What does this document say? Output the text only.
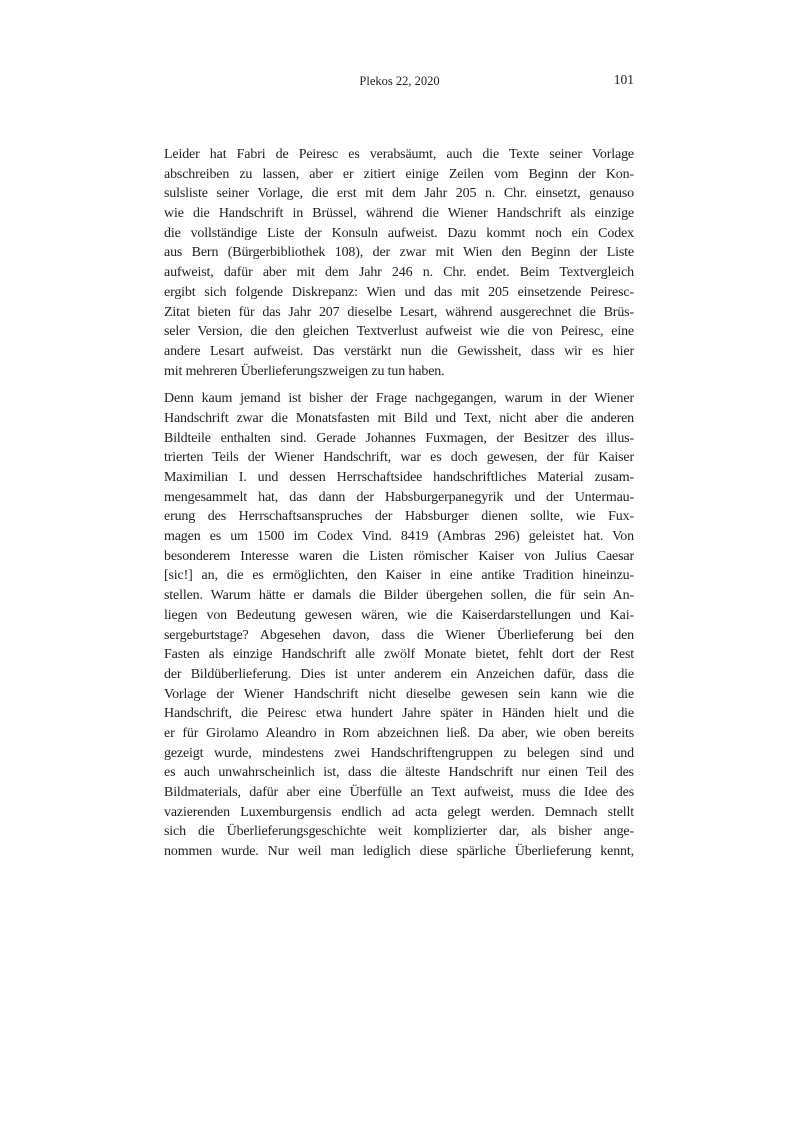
Plekos 22, 2020	101
Leider hat Fabri de Peiresc es verabsäumt, auch die Texte seiner Vorlage
abschreiben zu lassen, aber er zitiert einige Zeilen vom Beginn der Kon-
sulsliste seiner Vorlage, die erst mit dem Jahr 205 n. Chr. einsetzt, genauso
wie die Handschrift in Brüssel, während die Wiener Handschrift als einzige
die vollständige Liste der Konsuln aufweist. Dazu kommt noch ein Codex
aus Bern (Bürgerbibliothek 108), der zwar mit Wien den Beginn der Liste
aufweist, dafür aber mit dem Jahr 246 n. Chr. endet. Beim Textvergleich
ergibt sich folgende Diskrepanz: Wien und das mit 205 einsetzende Peiresc-
Zitat bieten für das Jahr 207 dieselbe Lesart, während ausgerechnet die Brüs-
seler Version, die den gleichen Textverlust aufweist wie die von Peiresc, eine
andere Lesart aufweist. Das verstärkt nun die Gewissheit, dass wir es hier
mit mehreren Überlieferungszweigen zu tun haben.
Denn kaum jemand ist bisher der Frage nachgegangen, warum in der Wiener
Handschrift zwar die Monatsfasten mit Bild und Text, nicht aber die anderen
Bildteile enthalten sind. Gerade Johannes Fuxmagen, der Besitzer des illus-
trierten Teils der Wiener Handschrift, war es doch gewesen, der für Kaiser
Maximilian I. und dessen Herrschaftsidee handschriftliches Material zusam-
mengesammelt hat, das dann der Habsburgerpanegyrik und der Untermau-
erung des Herrschaftsanspruches der Habsburger dienen sollte, wie Fux-
magen es um 1500 im Codex Vind. 8419 (Ambras 296) geleistet hat. Von
besonderem Interesse waren die Listen römischer Kaiser von Julius Caesar
[sic!] an, die es ermöglichten, den Kaiser in eine antike Tradition hineinzu-
stellen. Warum hätte er damals die Bilder übergehen sollen, die für sein An-
liegen von Bedeutung gewesen wären, wie die Kaiserdarstellungen und Kai-
sergeburtstage? Abgesehen davon, dass die Wiener Überlieferung bei den
Fasten als einzige Handschrift alle zwölf Monate bietet, fehlt dort der Rest
der Bildüberlieferung. Dies ist unter anderem ein Anzeichen dafür, dass die
Vorlage der Wiener Handschrift nicht dieselbe gewesen sein kann wie die
Handschrift, die Peiresc etwa hundert Jahre später in Händen hielt und die
er für Girolamo Aleandro in Rom abzeichnen ließ. Da aber, wie oben bereits
gezeigt wurde, mindestens zwei Handschriftengruppen zu belegen sind und
es auch unwahrscheinlich ist, dass die älteste Handschrift nur einen Teil des
Bildmaterials, dafür aber eine Überfülle an Text aufweist, muss die Idee des
vazierenden Luxemburgensis endlich ad acta gelegt werden. Demnach stellt
sich die Überlieferungsgeschichte weit komplizierter dar, als bisher ange-
nommen wurde. Nur weil man lediglich diese spärliche Überlieferung kennt,
